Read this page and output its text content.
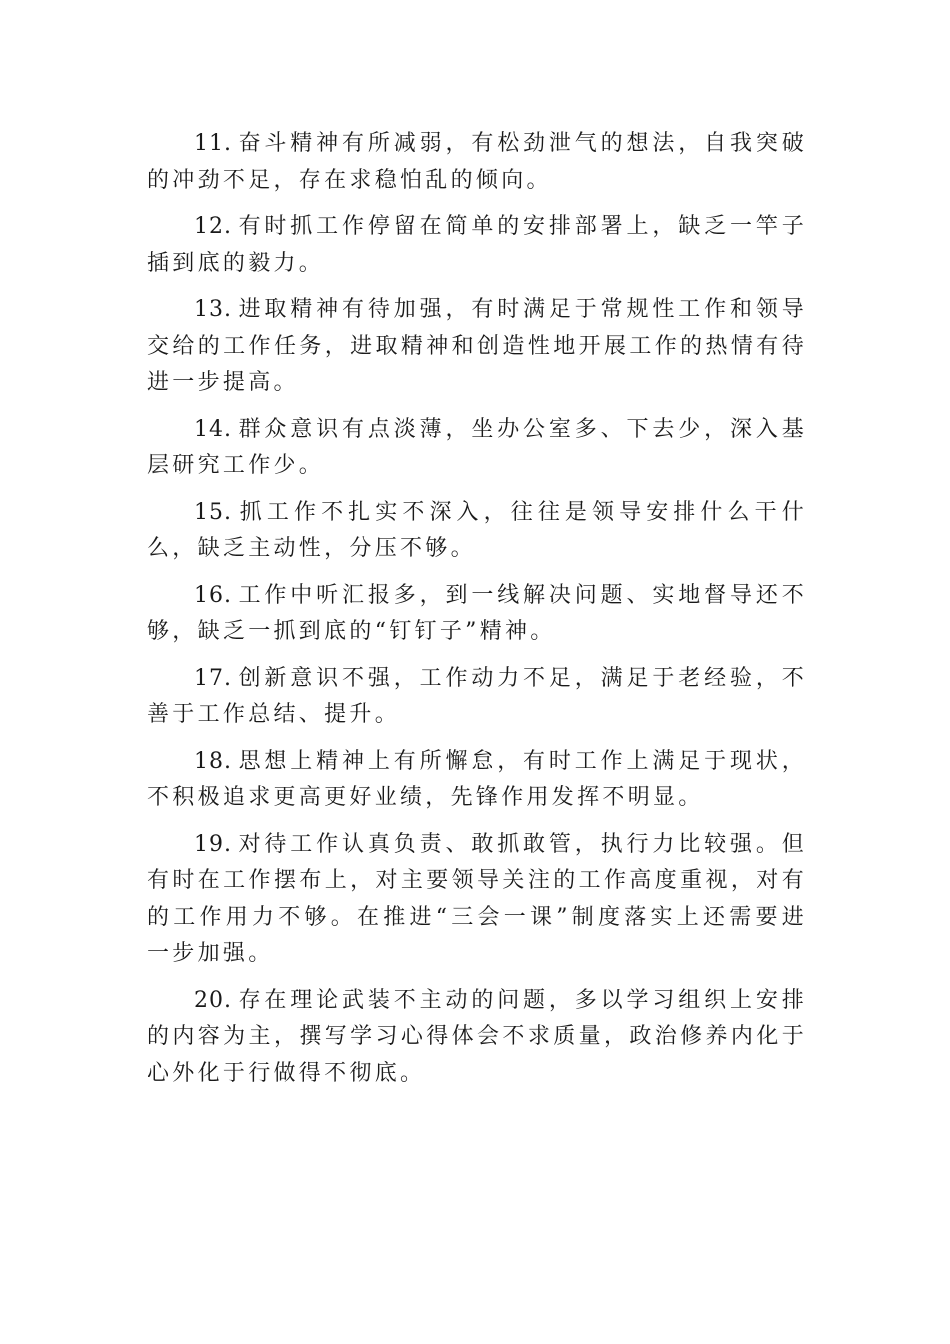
11. 奋斗精神有所减弱，有松劲泄气的想法，自我突破的冲劲不足，存在求稳怕乱的倾向。

12. 有时抓工作停留在简单的安排部署上，缺乏一竿子插到底的毅力。

13. 进取精神有待加强，有时满足于常规性工作和领导交给的工作任务，进取精神和创造性地开展工作的热情有待进一步提高。

14. 群众意识有点淡薄，坐办公室多、下去少，深入基层研究工作少。

15. 抓工作不扎实不深入，往往是领导安排什么干什么，缺乏主动性，分压不够。

16. 工作中听汇报多，到一线解决问题、实地督导还不够，缺乏一抓到底的“钉钉子”精神。

17. 创新意识不强，工作动力不足，满足于老经验，不善于工作总结、提升。

18. 思想上精神上有所懈怠，有时工作上满足于现状，不积极追求更高更好业绩，先锋作用发挥不明显。

19. 对待工作认真负责、敢抓敢管，执行力比较强。但有时在工作摆布上，对主要领导关注的工作高度重视，对有的工作用力不够。在推进“三会一课”制度落实上还需要进一步加强。

20. 存在理论武装不主动的问题，多以学习组织上安排的内容为主，撰写学习心得体会不求质量，政治修养内化于心外化于行做得不彻底。
